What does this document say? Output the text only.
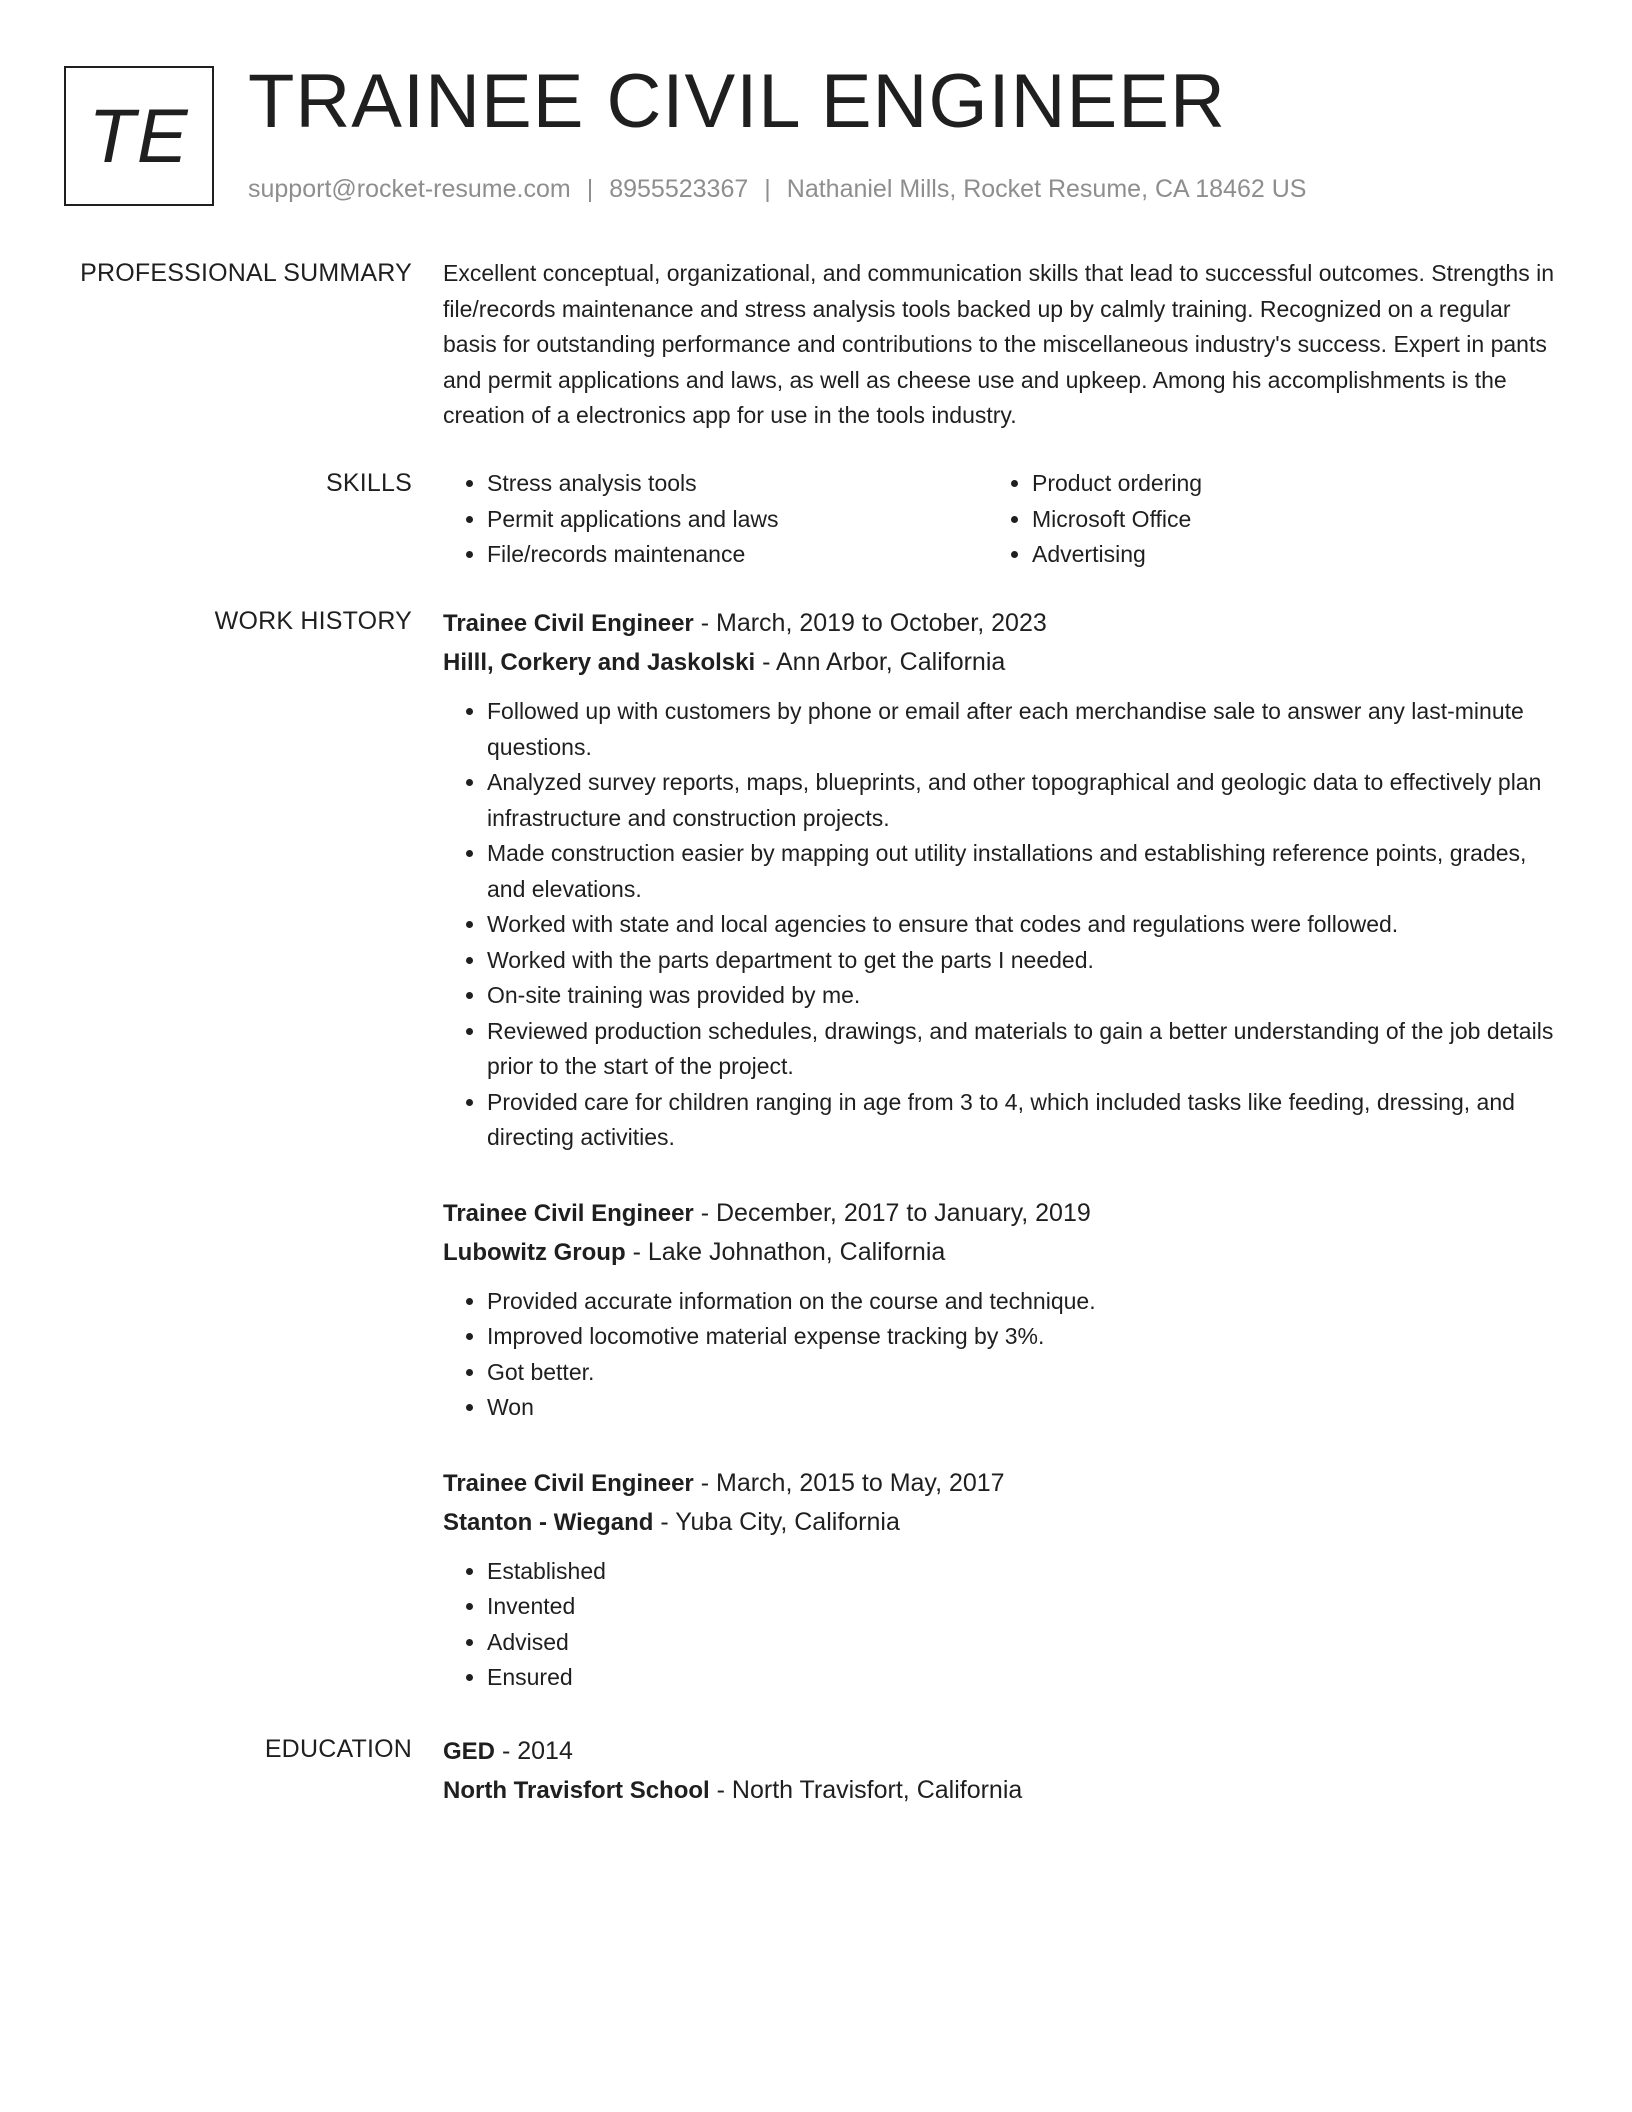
TE TRAINEE CIVIL ENGINEER
support@rocket-resume.com | 8955523367 | Nathaniel Mills, Rocket Resume, CA 18462 US
PROFESSIONAL SUMMARY Excellent conceptual, organizational, and communication skills that lead to successful outcomes. Strengths in file/records maintenance and stress analysis tools backed up by calmly training. Recognized on a regular basis for outstanding performance and contributions to the miscellaneous industry's success. Expert in pants and permit applications and laws, as well as cheese use and upkeep. Among his accomplishments is the creation of a electronics app for use in the tools industry.

SKILLS
•	Stress analysis tools
• Permit applications and laws
• File/records maintenance
• Product ordering
• Microsoft Office
• Advertising
WORK HISTORY Trainee Civil Engineer - March, 2019 to October, 2023
Hilll, Corkery and Jaskolski - Ann Arbor, California
• Followed up with customers by phone or email after each merchandise sale to answer any last-minute questions.
• Analyzed survey reports, maps, blueprints, and other topographical and geologic data to effectively plan infrastructure and construction projects.
• Made construction easier by mapping out utility installations and establishing reference points, grades, and elevations.
• Worked with state and local agencies to ensure that codes and regulations were followed.
• Worked with the parts department to get the parts I needed.
• On-site training was provided by me.
• Reviewed production schedules, drawings, and materials to gain a better understanding of the job details prior to the start of the project.
• Provided care for children ranging in age from 3 to 4, which included tasks like feeding, dressing, and directing activities.
Trainee Civil Engineer - December, 2017 to January, 2019
Lubowitz Group - Lake Johnathon, California
• Provided accurate information on the course and technique.
• Improved locomotive material expense tracking by 3%.
• Got better.
• Won
Trainee Civil Engineer - March, 2015 to May, 2017
Stanton - Wiegand - Yuba City, California
• Established
• Invented
• Advised
• Ensured
EDUCATION GED - 2014
North Travisfort School - North Travisfort, California
